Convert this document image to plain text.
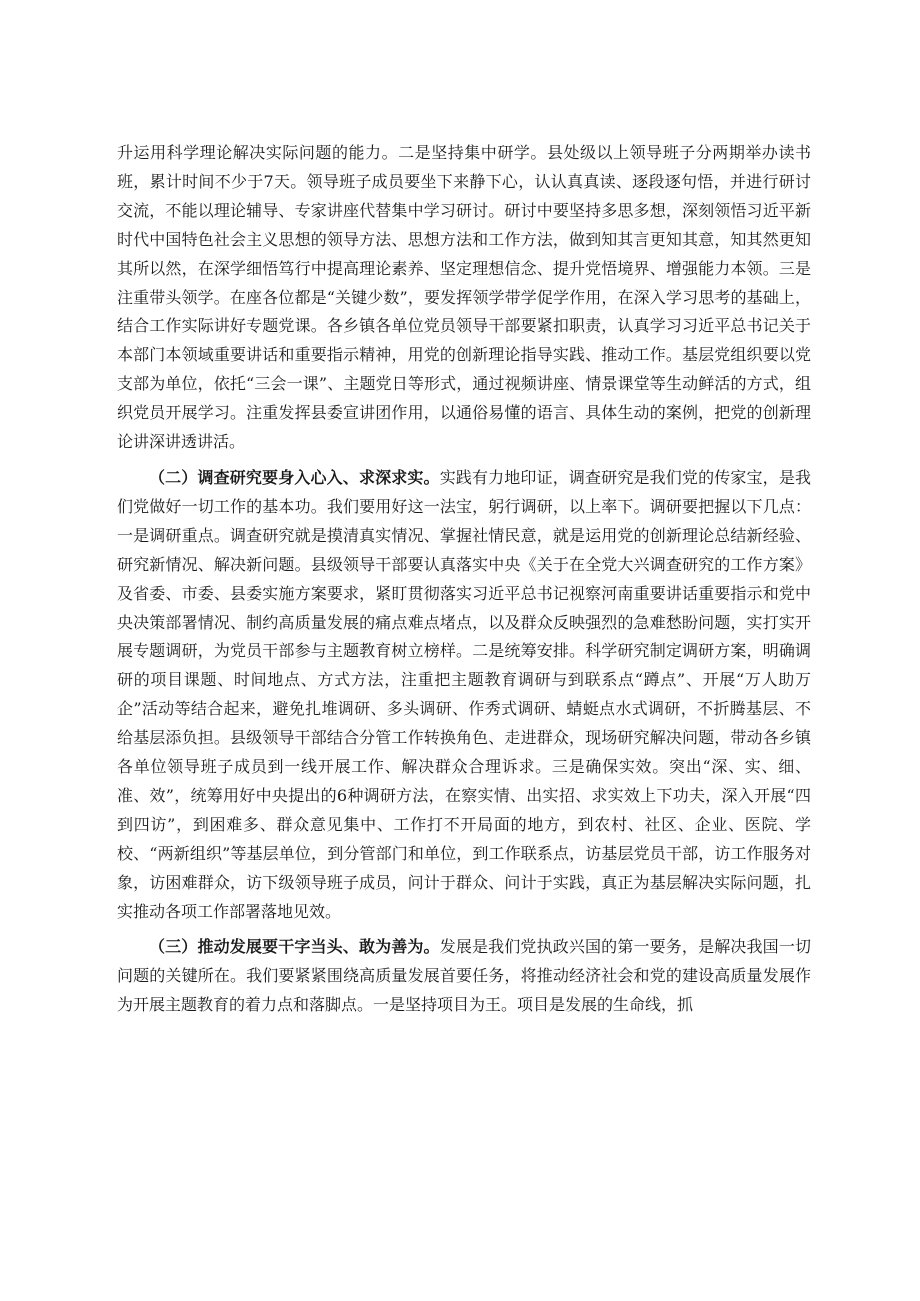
升运用科学理论解决实际问题的能力。二是坚持集中研学。县处级以上领导班子分两期举办读书班，累计时间不少于7天。领导班子成员要坐下来静下心，认认真真读、逐段逐句悟，并进行研讨交流，不能以理论辅导、专家讲座代替集中学习研讨。研讨中要坚持多思多想，深刻领悟习近平新时代中国特色社会主义思想的领导方法、思想方法和工作方法，做到知其言更知其意，知其然更知其所以然，在深学细悟笃行中提高理论素养、坚定理想信念、提升党悟境界、增强能力本领。三是注重带头领学。在座各位都是“关键少数”，要发挥领学带学促学作用，在深入学习思考的基础上，结合工作实际讲好专题党课。各乡镇各单位党员领导干部要紧扣职责，认真学习习近平总书记关于本部门本领域重要讲话和重要指示精神，用党的创新理论指导实践、推动工作。基层党组织要以党支部为单位，依托“三会一课”、主题党日等形式，通过视频讲座、情景课堂等生动鲜活的方式，组织党员开展学习。注重发挥县委宣讲团作用，以通俗易懂的语言、具体生动的案例，把党的创新理论讲深讲透讲活。

（二）调查研究要身入心入、求深求实。实践有力地印证，调查研究是我们党的传家宝，是我们党做好一切工作的基本功。我们要用好这一法宝，躬行调研，以上率下。调研要把握以下几点：一是调研重点。调查研究就是摸清真实情况、掌握社情民意，就是运用党的创新理论总结新经验、研究新情况、解决新问题。县级领导干部要认真落实中央《关于在全党大兴调查研究的工作方案》及省委、市委、县委实施方案要求，紧盯贯彻落实习近平总书记视察河南重要讲话重要指示和党中央决策部署情况、制约高质量发展的痛点难点堵点，以及群众反映强烈的急难愁盼问题，实打实开展专题调研，为党员干部参与主题教育树立榜样。二是统筹安排。科学研究制定调研方案，明确调研的项目课题、时间地点、方式方法，注重把主题教育调研与到联系点“蹲点”、开展“万人助万企”活动等结合起来，避免扎堆调研、多头调研、作秀式调研、蜻蜓点水式调研，不折腾基层、不给基层添负担。县级领导干部结合分管工作转换角色、走进群众，现场研究解决问题，带动各乡镇各单位领导班子成员到一线开展工作、解决群众合理诉求。三是确保实效。突出“深、实、细、准、效”，统筹用好中央提出的6种调研方法，在察实情、出实招、求实效上下功夫，深入开展“四到四访”，到困难多、群众意见集中、工作打不开局面的地方，到农村、社区、企业、医院、学校、“两新组织”等基层单位，到分管部门和单位，到工作联系点，访基层党员干部，访工作服务对象，访困难群众，访下级领导班子成员，问计于群众、问计于实践，真正为基层解决实际问题，扎实推动各项工作部署落地见效。

（三）推动发展要干字当头、敢为善为。发展是我们党执政兴国的第一要务，是解决我国一切问题的关键所在。我们要紧紧围绕高质量发展首要任务，将推动经济社会和党的建设高质量发展作为开展主题教育的着力点和落脚点。一是坚持项目为王。项目是发展的生命线，抓
